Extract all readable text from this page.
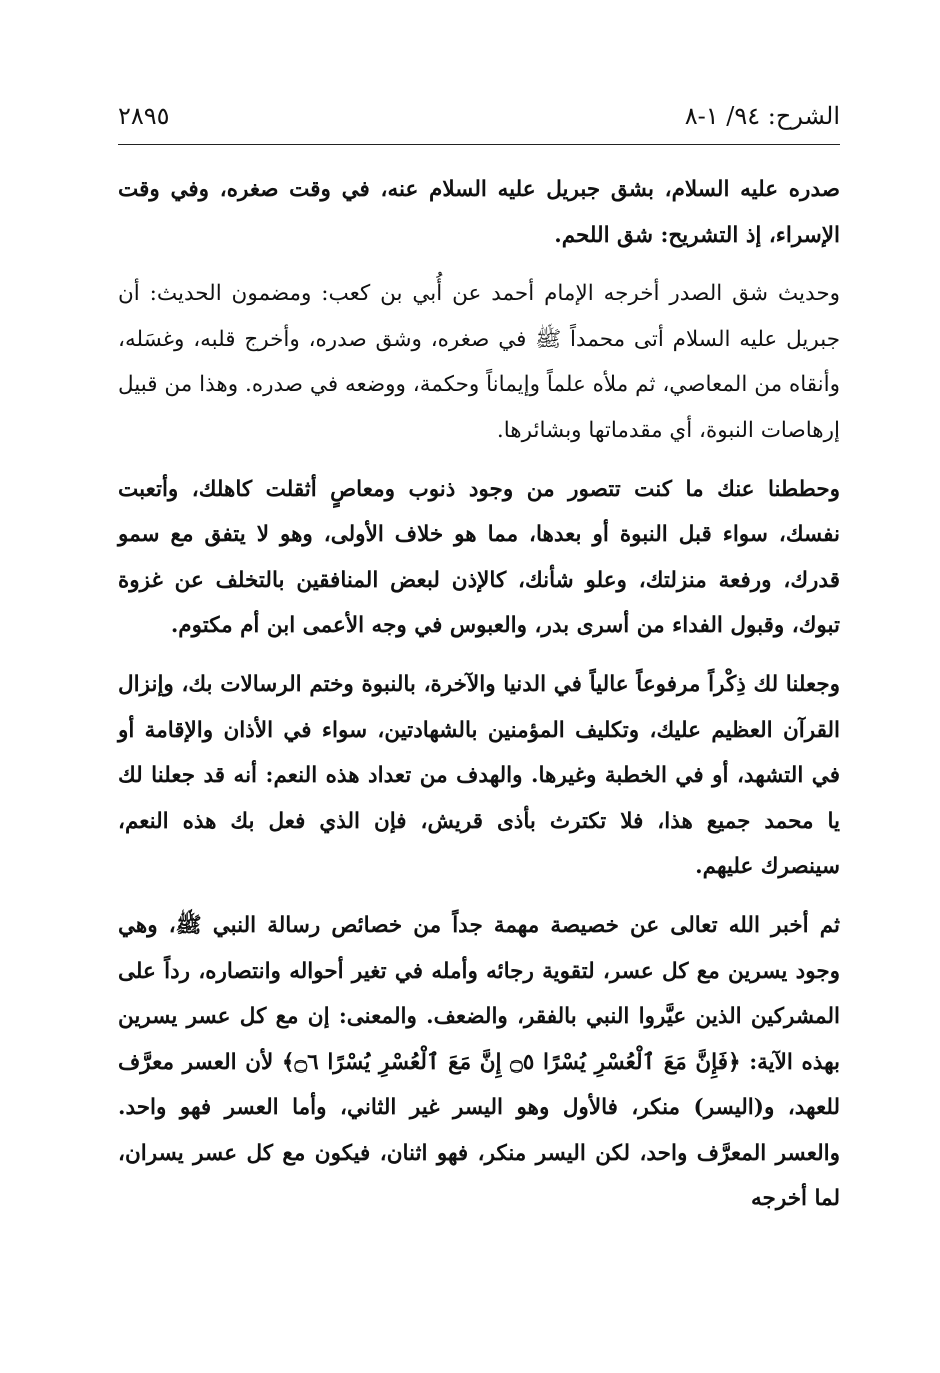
الشرح: ٩٤/ ١-٨
٢٨٩٥

صدره عليه السلام، بشق جبريل عليه السلام عنه، في وقت صغره، وفي وقت الإسراء، إذ التشريح: شق اللحم.

وحديث شق الصدر أخرجه الإمام أحمد عن أُبي بن كعب: ومضمون الحديث: أن جبريل عليه السلام أتى محمداً ﷺ في صغره، وشق صدره، وأخرج قلبه، وغسَله، وأنقاه من المعاصي، ثم ملأه علماً وإيماناً وحكمة، ووضعه في صدره. وهذا من قبيل إرهاصات النبوة، أي مقدماتها وبشائرها.

وحططنا عنك ما كنت تتصور من وجود ذنوب ومعاصٍ أثقلت كاهلك، وأتعبت نفسك، سواء قبل النبوة أو بعدها، مما هو خلاف الأولى، وهو لا يتفق مع سمو قدرك، ورفعة منزلتك، وعلو شأنك، كالإذن لبعض المنافقين بالتخلف عن غزوة تبوك، وقبول الفداء من أسرى بدر، والعبوس في وجه الأعمى ابن أم مكتوم.

وجعلنا لك ذِكْراً مرفوعاً عالياً في الدنيا والآخرة، بالنبوة وختم الرسالات بك، وإنزال القرآن العظيم عليك، وتكليف المؤمنين بالشهادتين، سواء في الأذان والإقامة أو في التشهد، أو في الخطبة وغيرها. والهدف من تعداد هذه النعم: أنه قد جعلنا لك يا محمد جميع هذا، فلا تكترث بأذى قريش، فإن الذي فعل بك هذه النعم، سينصرك عليهم.

ثم أخبر الله تعالى عن خصيصة مهمة جداً من خصائص رسالة النبي ﷺ، وهي وجود يسرين مع كل عسر، لتقوية رجائه وأمله في تغير أحواله وانتصاره، رداً على المشركين الذين عيَّروا النبي بالفقر، والضعف. والمعنى: إن مع كل عسر يسرين بهذه الآية: ﴿فَإِنَّ مَعَ ٱلْعُسْرِ يُسْرًا ۝٥ إِنَّ مَعَ ٱلْعُسْرِ يُسْرًا ۝٦﴾ لأن العسر معرَّف للعهد، و(اليسر) منكر، فالأول وهو اليسر غير الثاني، وأما العسر فهو واحد. والعسر المعرَّف واحد، لكن اليسر منكر، فهو اثنان، فيكون مع كل عسر يسران، لما أخرجه
